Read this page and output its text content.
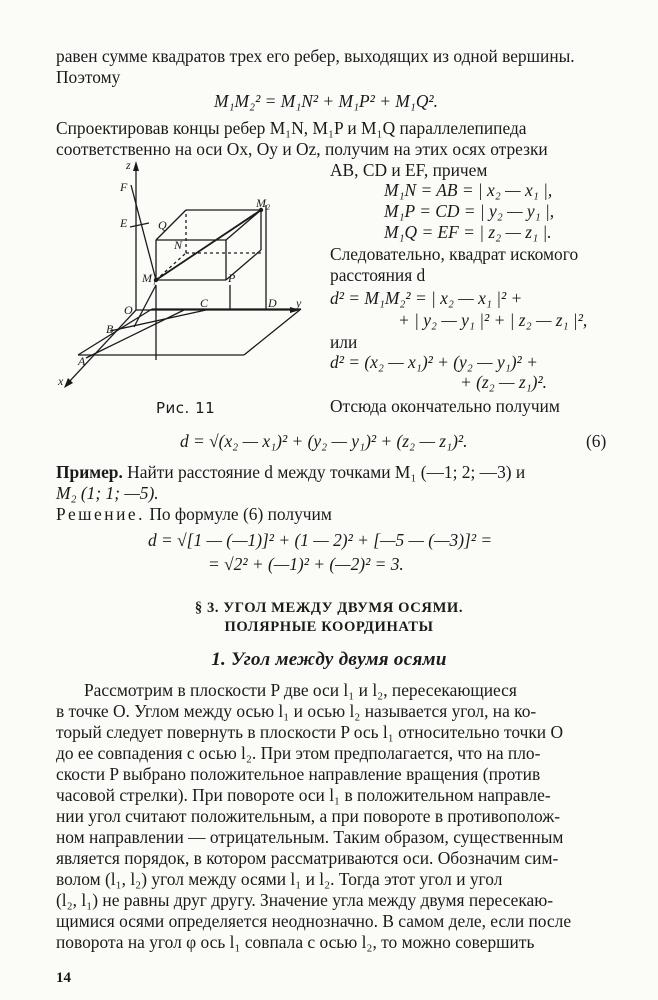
равен сумме квадратов трех его ребер, выходящих из одной вершины.
Поэтому
M₁M₂² = M₁N² + M₁P² + M₁Q².
Спроектировав концы ребер M₁N, M₁P и M₁Q параллелепипеда
соответственно на оси Ox, Oy и Oz, получим на этих осях отрезки
AB, CD и EF, причем
M₁N = AB = | x₂ — x₁ |,
M₁P = CD = | y₂ — y₁ |,
M₁Q = EF = | z₂ — z₁ |.
Следовательно, квадрат искомого
расстояния d
d² = M₁M₂² = | x₂ — x₁ |² +
+ | y₂ — y₁ |² + | z₂ — z₁ |²,
или
d² = (x₂ — x₁)² + (y₂ — y₁)² +
+ (z₂ — z₁)².
Отсюда окончательно получим
z
F
E	Q
N
M₂
M₁	P
O	C	D y
B
A
x
Рис. 11
d = √(x₂ — x₁)² + (y₂ — y₁)² + (z₂ — z₁)².	(6)
Пример. Найти расстояние d между точками M₁ (—1; 2; —3) и
M₂ (1; 1; —5).
Решение. По формуле (6) получим
d = √[1 — (—1)]² + (1 — 2)² + [—5 — (—3)]² =
= √2² + (—1)² + (—2)² = 3.
§ 3. УГОЛ МЕЖДУ ДВУМЯ ОСЯМИ.
ПОЛЯРНЫЕ КООРДИНАТЫ
1. Угол между двумя осями
Рассмотрим в плоскости P две оси l₁ и l₂, пересекающиеся
в точке O. Углом между осью l₁ и осью l₂ называется угол, на ко-
торый следует повернуть в плоскости P ось l₁ относительно точки O
до ее совпадения с осью l₂. При этом предполагается, что на пло-
скости P выбрано положительное направление вращения (против
часовой стрелки). При повороте оси l₁ в положительном направле-
нии угол считают положительным, а при повороте в противополож-
ном направлении — отрицательным. Таким образом, существенным
является порядок, в котором рассматриваются оси. Обозначим сим-
волом (l₁, l₂) угол между осями l₁ и l₂. Тогда этот угол и угол
(l₂, l₁) не равны друг другу. Значение угла между двумя пересекаю-
щимися осями определяется неоднозначно. В самом деле, если после
поворота на угол φ ось l₁ совпала с осью l₂, то можно совершить
14
